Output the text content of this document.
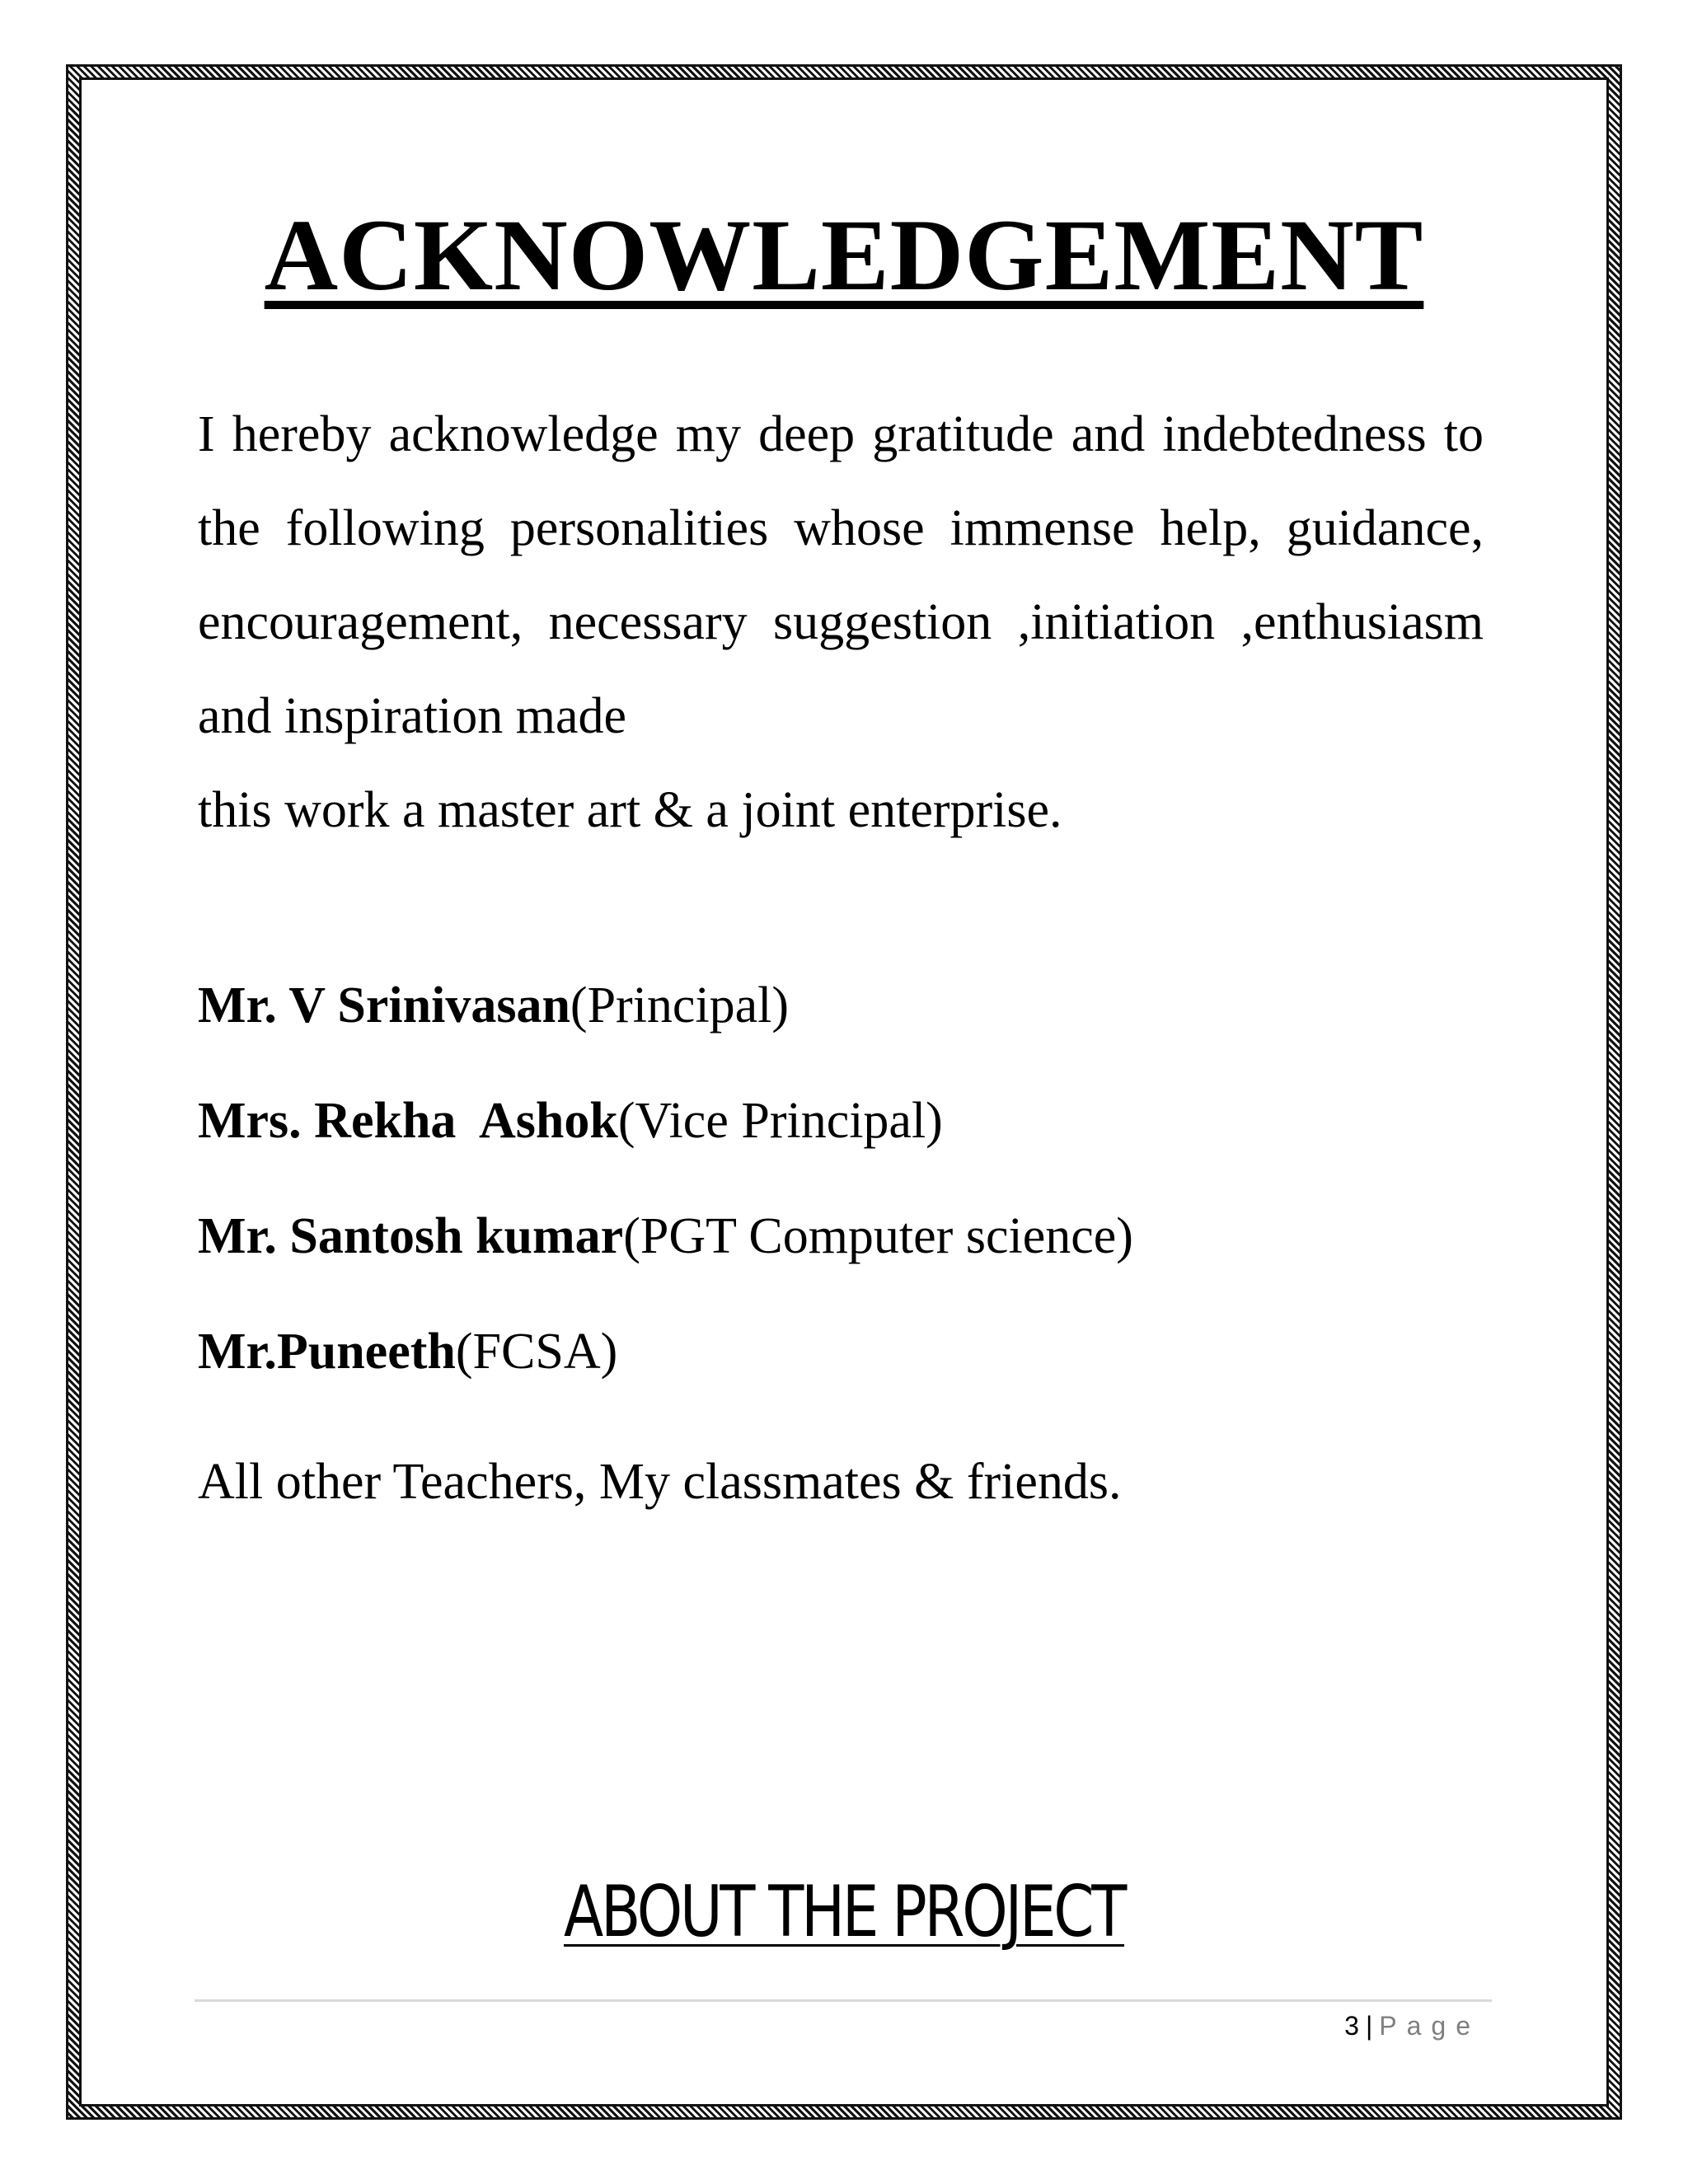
ACKNOWLEDGEMENT

I hereby acknowledge my deep gratitude and indebtedness to the following personalities whose immense help, guidance, encouragement, necessary suggestion ,initiation ,enthusiasm and inspiration made
this work a master art & a joint enterprise.

Mr. V Srinivasan(Principal)
Mrs. Rekha  Ashok(Vice Principal)
Mr. Santosh kumar(PGT Computer science)
Mr.Puneeth(FCSA)
All other Teachers, My classmates & friends.
ABOUT THE PROJECT
3 | Page
